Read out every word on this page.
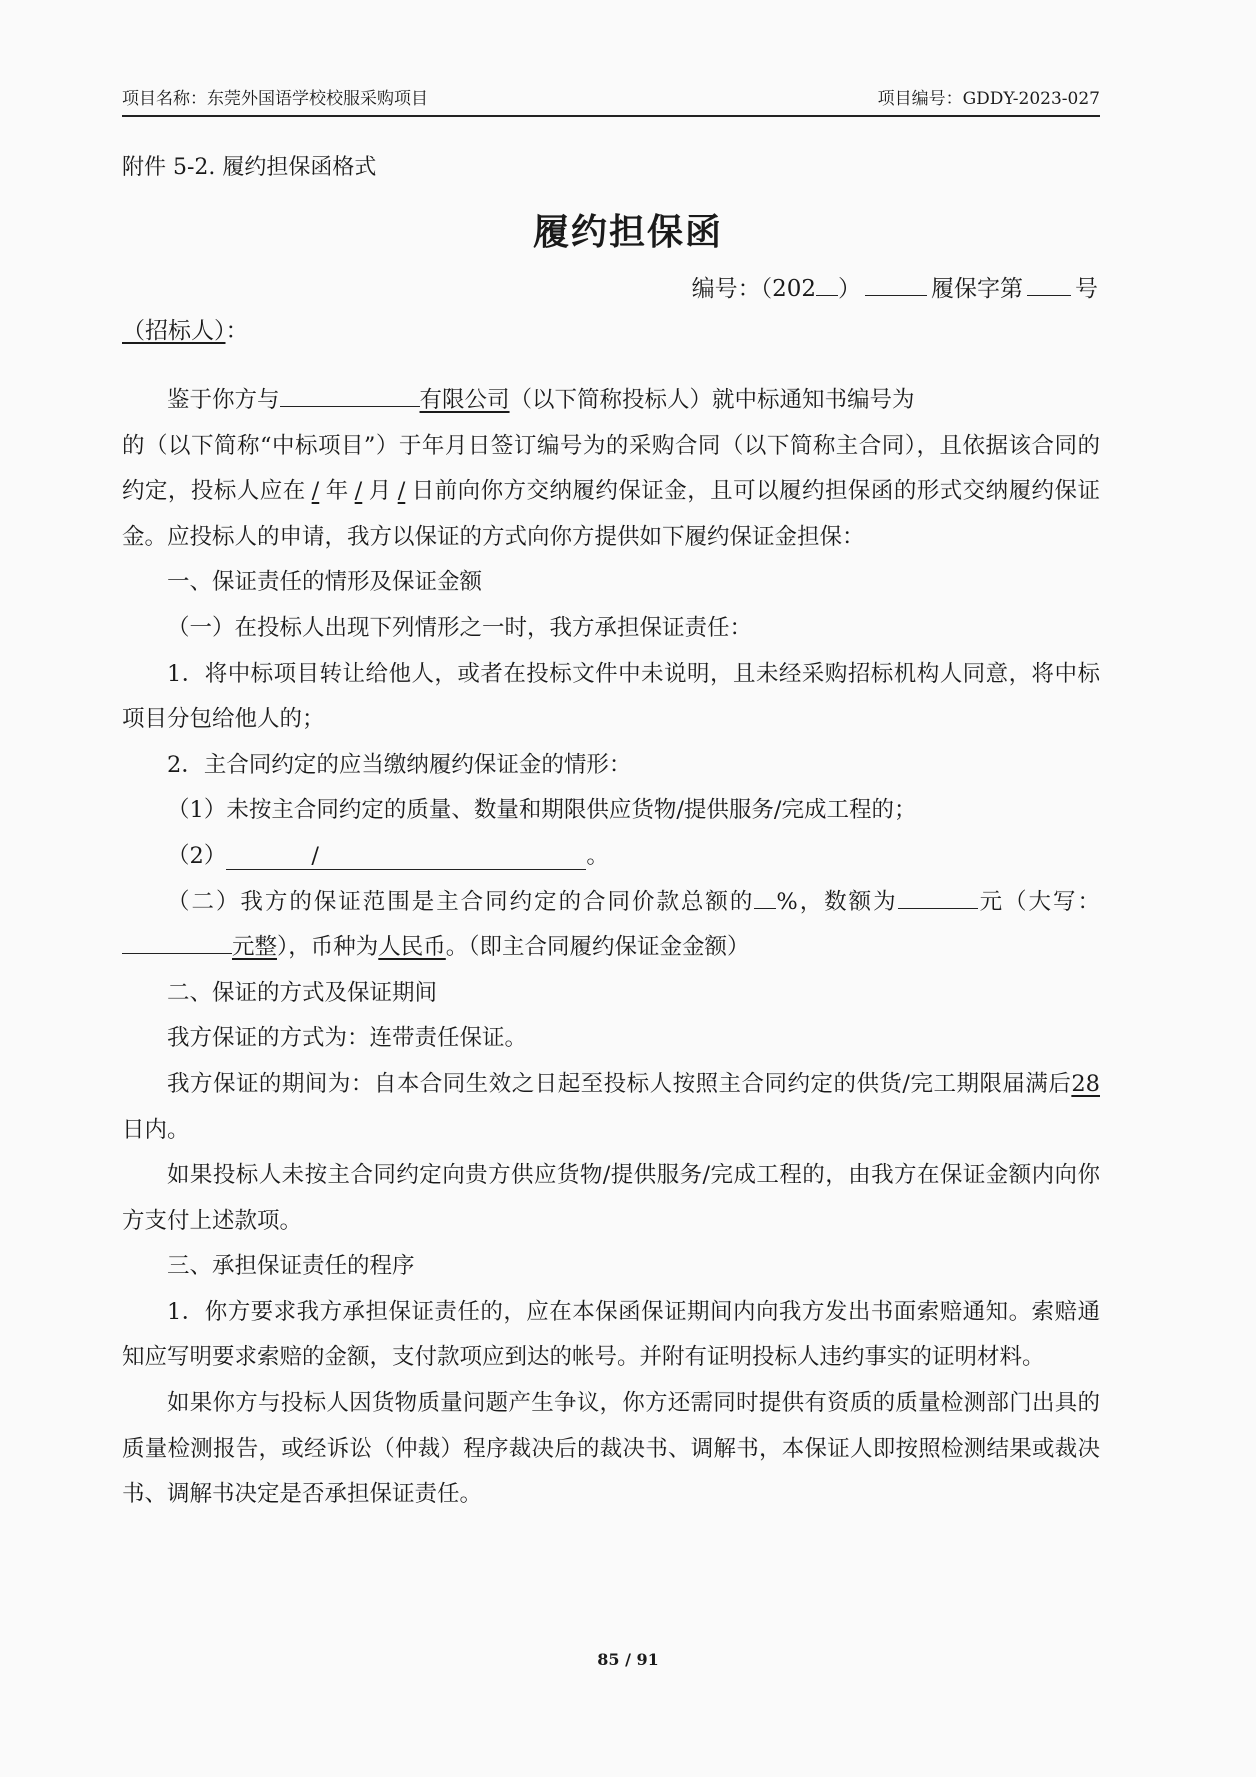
项目名称：东莞外国语学校校服采购项目	项目编号：GDDY-2023-027
附件 5-2. 履约担保函格式
履约担保函
编号：（202 ）	履保字第 号
（招标人）：

鉴于你方与	有限公司（以下简称投标人）就中标通知书编号为

的（以下简称“中标项目”）于年月日签订编号为的采购合同（以下简称主合同），且依据该合同的约定，投标人应在 / 年 / 月 / 日前向你方交纳履约保证金，且可以履约担保函的形式交纳履约保证金。应投标人的申请，我方以保证的方式向你方提供如下履约保证金担保：

一、保证责任的情形及保证金额

（一）在投标人出现下列情形之一时，我方承担保证责任：

1．将中标项目转让给他人，或者在投标文件中未说明，且未经采购招标机构人同意，将中标项目分包给他人的；

2．主合同约定的应当缴纳履约保证金的情形：

（1）未按主合同约定的质量、数量和期限供应货物/提供服务/完成工程的；

（2）	/	。

（二）我方的保证范围是主合同约定的合同价款总额的 %，数额为	元（大写：元整），币种为人民币。（即主合同履约保证金金额）

二、保证的方式及保证期间

我方保证的方式为：连带责任保证。

我方保证的期间为：自本合同生效之日起至投标人按照主合同约定的供货/完工期限届满后28日内。

如果投标人未按主合同约定向贵方供应货物/提供服务/完成工程的，由我方在保证金额内向你方支付上述款项。

三、承担保证责任的程序

1．你方要求我方承担保证责任的，应在本保函保证期间内向我方发出书面索赔通知。索赔通知应写明要求索赔的金额，支付款项应到达的帐号。并附有证明投标人违约事实的证明材料。

如果你方与投标人因货物质量问题产生争议，你方还需同时提供有资质的质量检测部门出具的质量检测报告，或经诉讼（仲裁）程序裁决后的裁决书、调解书，本保证人即按照检测结果或裁决书、调解书决定是否承担保证责任。

85 / 91
